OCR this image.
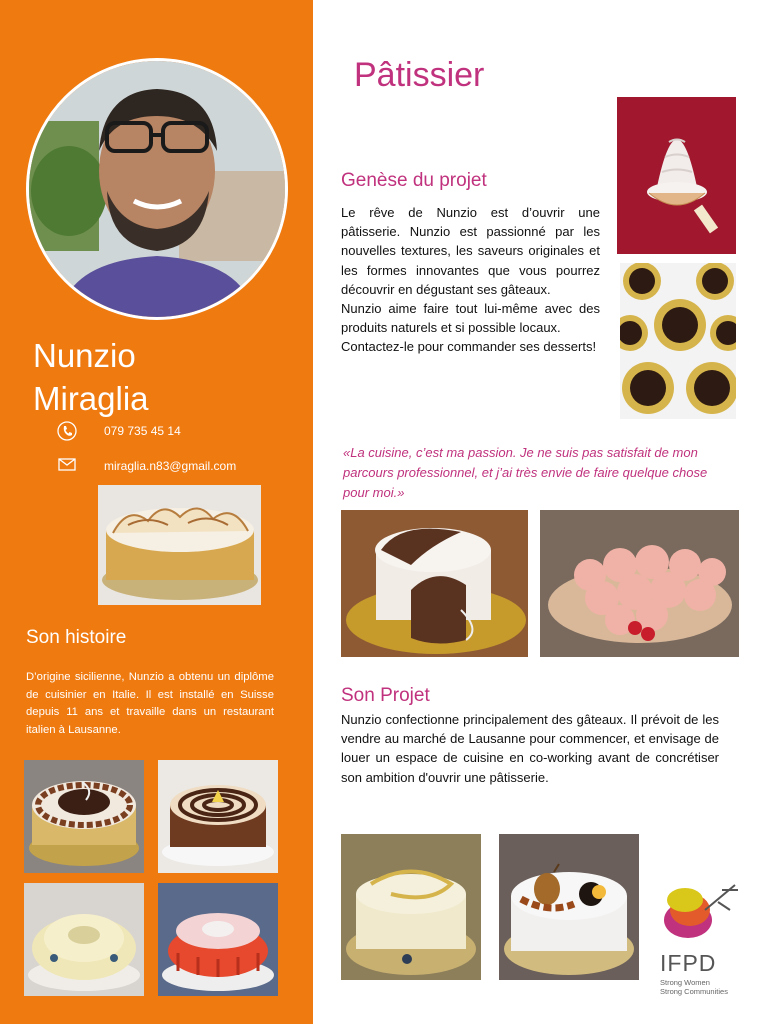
Nunzio
Miraglia
079 735 45 14
miraglia.n83@gmail.com
Son histoire
D’origine sicilienne, Nunzio a obtenu un diplôme de cuisinier en Italie. Il est installé en Suisse depuis 11 ans et travaille dans un restaurant italien à Lausanne.
Pâtissier
Genèse du projet
Le rêve de Nunzio est d’ouvrir une pâtisserie. Nunzio est passionné par les nouvelles textures, les saveurs originales et les formes innovantes que vous pourrez découvrir en dégustant ses gâteaux.
Nunzio aime faire tout lui-même avec des produits naturels et si possible locaux.
Contactez-le pour commander ses desserts!
«La cuisine, c’est ma passion. Je ne suis pas satisfait de mon parcours professionnel, et j’ai très envie de faire quelque chose pour moi.»
Son Projet
Nunzio confectionne principalement des gâteaux. Il prévoit de les vendre au marché de Lausanne pour commencer, et envisage de louer un espace de cuisine en co-working avant de concrétiser son ambition d'ouvrir une pâtisserie.
IFPD
Strong Women
Strong Communities
